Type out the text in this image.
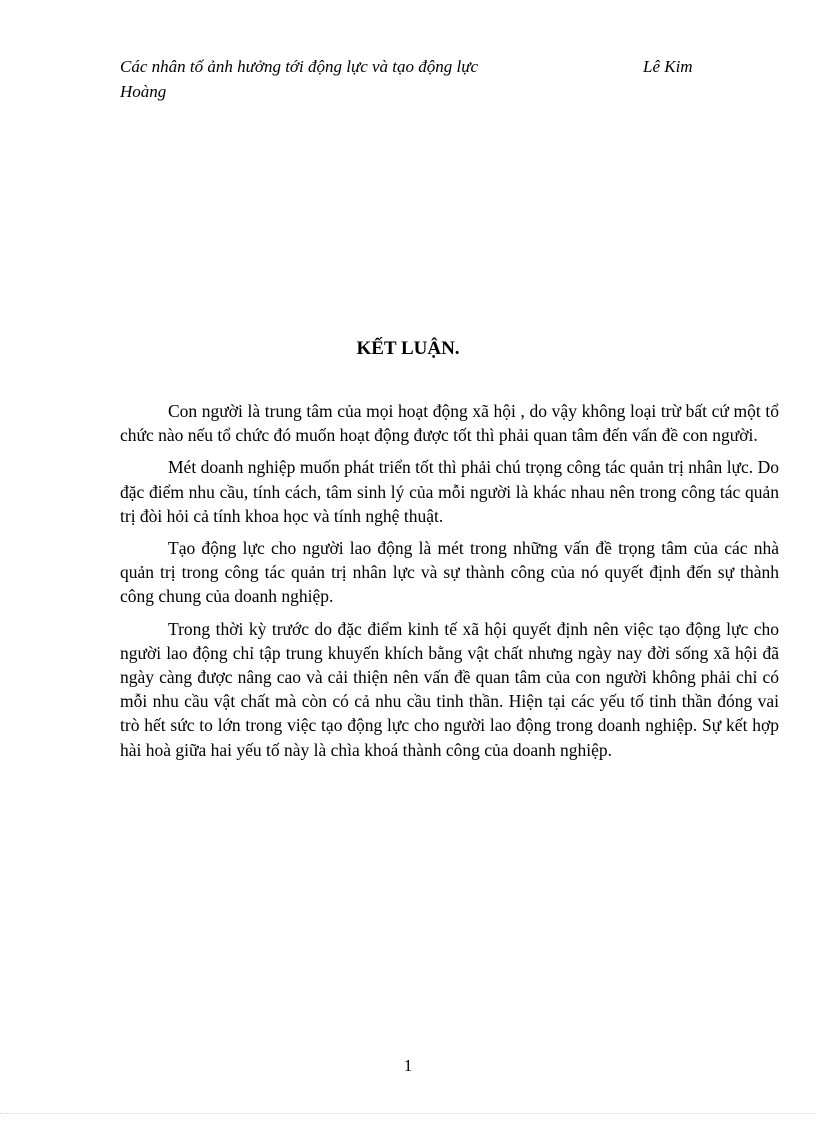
Các nhân tố ảnh hưởng tới động lực và tạo động lực	Lê Kim
Hoàng
KẾT LUẬN.

Con người là trung tâm của mọi hoạt động xã hội , do vậy không loại trừ bất cứ một tổ chức nào nếu tổ chức đó muốn hoạt động được tốt thì phải quan tâm đến vấn đề con người.

Mét doanh nghiệp muốn phát triển tốt thì phải chú trọng công tác quản trị nhân lực. Do đặc điểm nhu cầu, tính cách, tâm sinh lý của mỗi người là khác nhau nên trong công tác quản trị đòi hỏi cả tính khoa học và tính nghệ thuật.

Tạo động lực cho người lao động là mét trong những vấn đề trọng tâm của các nhà quản trị trong công tác quản trị nhân lực và sự thành công của nó quyết định đến sự thành công chung của doanh nghiệp.

Trong thời kỳ trước do đặc điểm kinh tế xã hội quyết định nên việc tạo động lực cho người lao động chỉ tập trung khuyến khích bằng vật chất nhưng ngày nay đời sống xã hội đã ngày càng được nâng cao và cải thiện nên vấn đề quan tâm của con người không phải chỉ có mỗi nhu cầu vật chất mà còn có cả nhu cầu tinh thần. Hiện tại các yếu tố tinh thần đóng vai trò hết sức to lớn trong việc tạo động lực cho người lao động trong doanh nghiệp. Sự kết hợp hài hoà giữa hai yếu tố này là chìa khoá thành công của doanh nghiệp.

1
